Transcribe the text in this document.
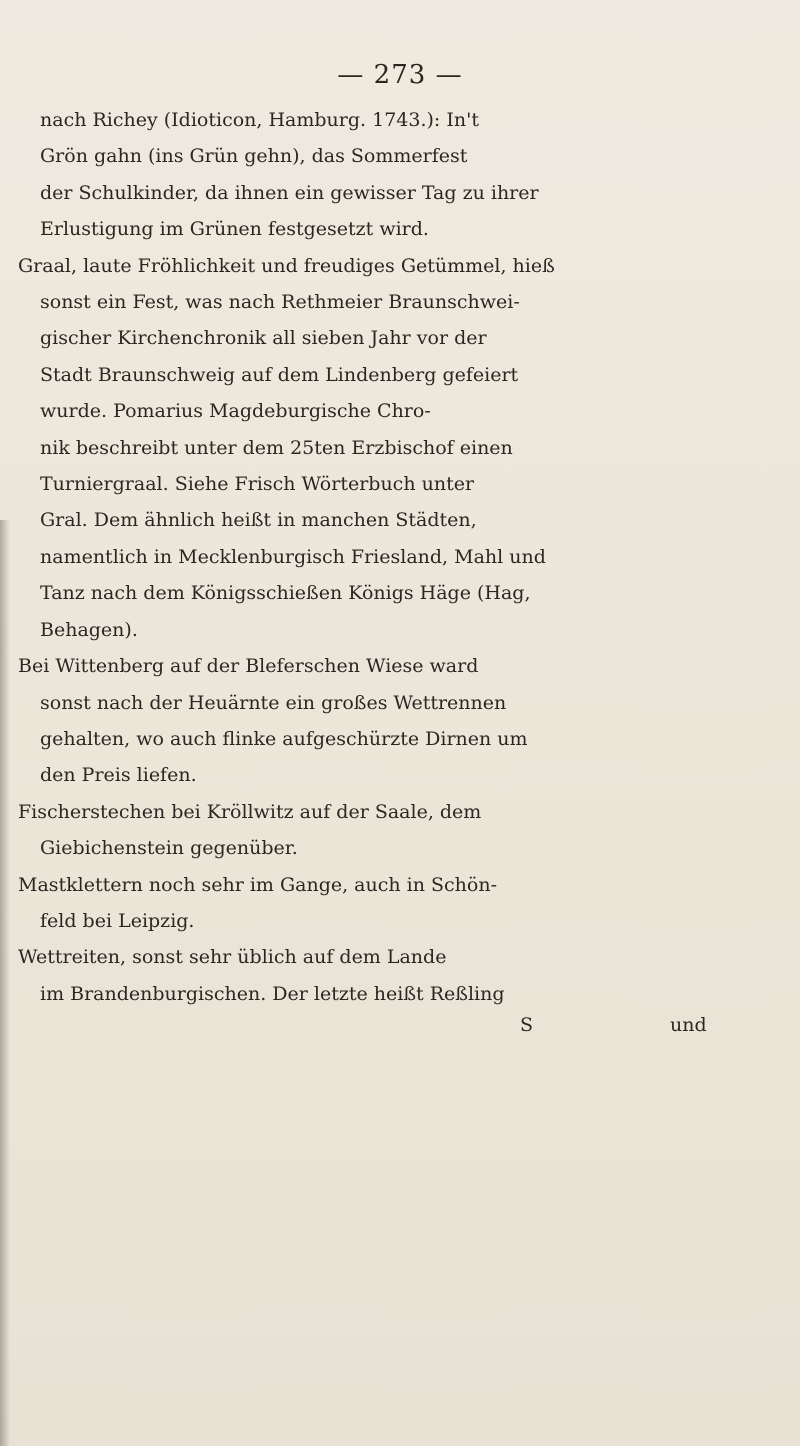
— 273 —

nach Richey (Idioticon, Hamburg. 1743.): In't
Grön gahn (ins Grün gehn), das Sommerfest
der Schulkinder, da ihnen ein gewisser Tag zu ihrer
Erlustigung im Grünen festgesetzt wird.

Graal, laute Fröhlichkeit und freudiges Getümmel, hieß
sonst ein Fest, was nach Rethmeier Braunschwei-
gischer Kirchenchronik all sieben Jahr vor der
Stadt Braunschweig auf dem Lindenberg gefeiert
wurde. Pomarius Magdeburgische Chro-
nik beschreibt unter dem 25ten Erzbischof einen
Turniergraal. Siehe Frisch Wörterbuch unter
Gral. Dem ähnlich heißt in manchen Städten,
namentlich in Mecklenburgisch Friesland, Mahl und
Tanz nach dem Königsschießen Königs Häge (Hag,
Behagen).

Bei Wittenberg auf der Bleferschen Wiese ward
sonst nach der Heuärnte ein großes Wettrennen
gehalten, wo auch flinke aufgeschürzte Dirnen um
den Preis liefen.

Fischerstechen bei Kröllwitz auf der Saale, dem
Giebichenstein gegenüber.

Mastklettern noch sehr im Gange, auch in Schön-
feld bei Leipzig.

Wettreiten, sonst sehr üblich auf dem Lande
im Brandenburgischen. Der letzte heißt Reßling

S	und
